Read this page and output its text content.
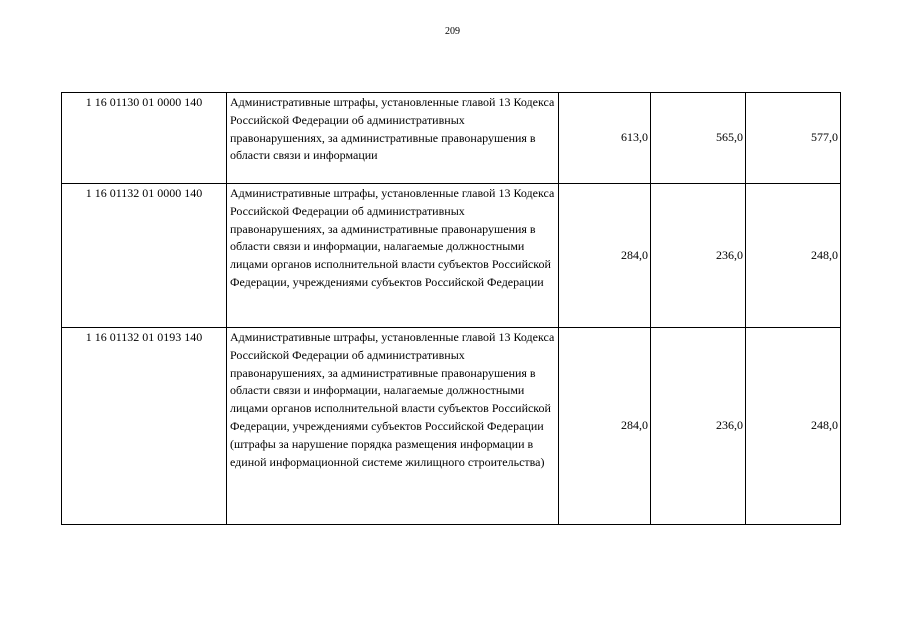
209
1 16 01130 01 0000 140	Административные штрафы, установленные главой 13 Кодекса Российской Федерации об административных правонарушениях, за административные правонарушения в области связи и информации	613,0	565,0	577,0
1 16 01132 01 0000 140	Административные штрафы, установленные главой 13 Кодекса Российской Федерации об административных правонарушениях, за административные правонарушения в области связи и информации, налагаемые должностными лицами органов исполнительной власти субъектов Российской Федерации, учреждениями субъектов Российской Федерации	284,0	236,0	248,0
1 16 01132 01 0193 140	Административные штрафы, установленные главой 13 Кодекса Российской Федерации об административных правонарушениях, за административные правонарушения в области связи и информации, налагаемые должностными лицами органов исполнительной власти субъектов Российской Федерации, учреждениями субъектов Российской Федерации (штрафы за нарушение порядка размещения информации в единой информационной системе жилищного строительства)	284,0	236,0	248,0
